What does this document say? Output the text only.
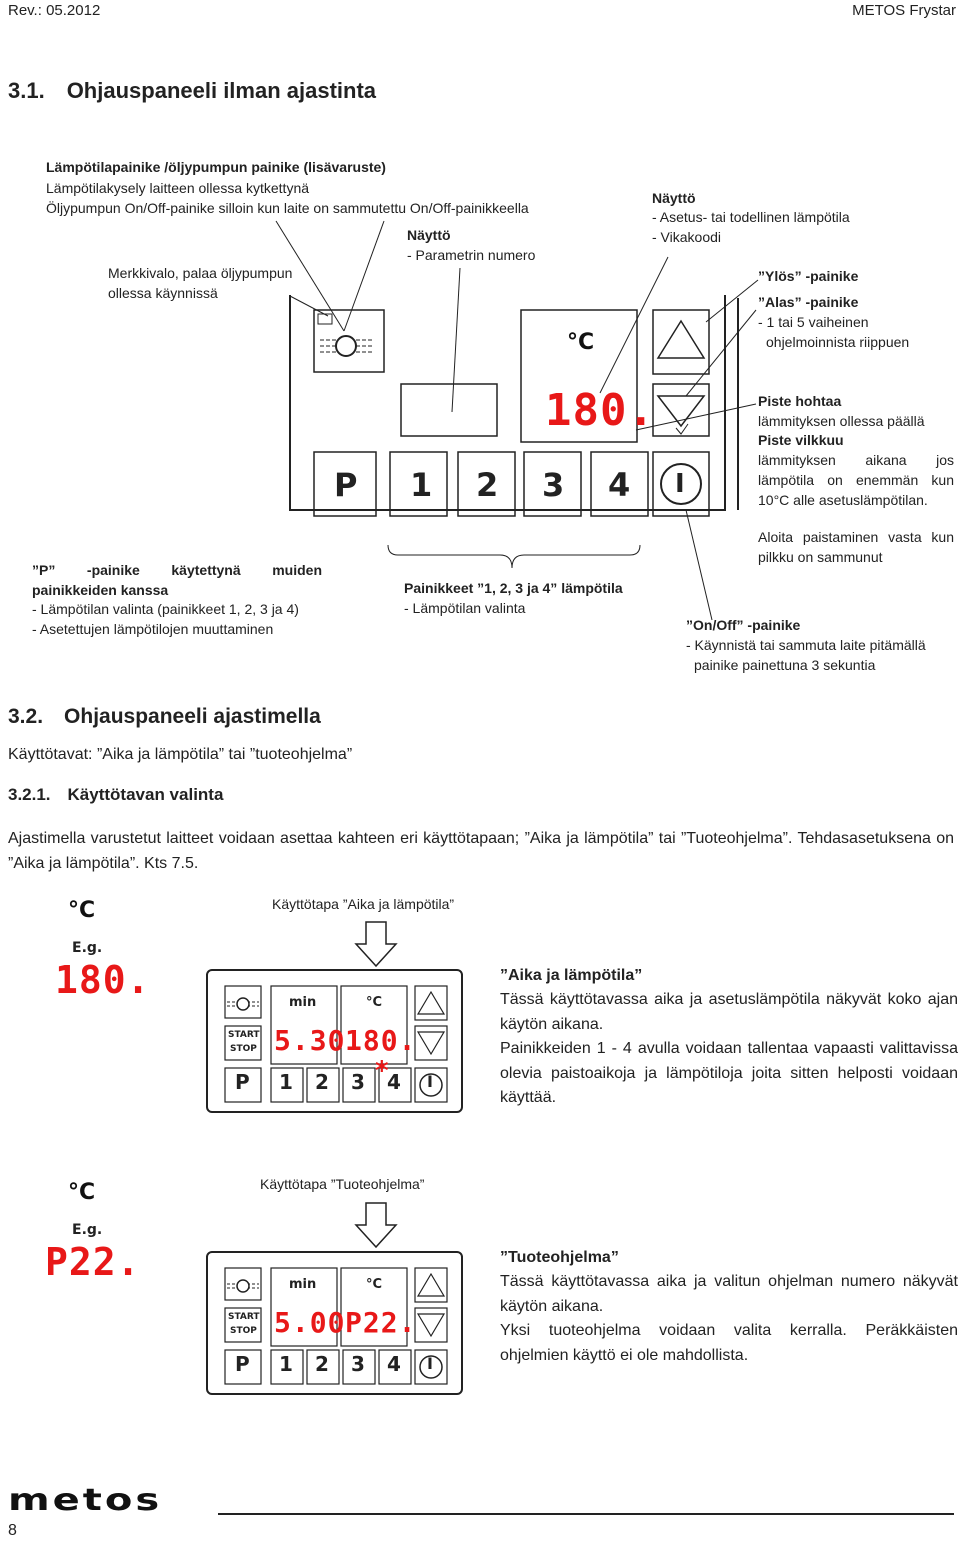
Rev.: 05.2012	METOS Frystar
3.1. Ohjauspaneeli ilman ajastinta
Lämpötilapainike /öljypumpun painike (lisävaruste)
Lämpötilakysely laitteen ollessa kytkettynä
Öljypumpun On/Off-painike silloin kun laite on sammutettu On/Off-painikkeella
Merkkivalo, palaa öljypumpun
ollessa käynnissä
Näyttö
- Parametrin numero
Näyttö
- Asetus- tai todellinen lämpötila
- Vikakoodi
”Ylös” -painike
”Alas” -painike
- 1 tai 5 vaiheinen
ohjelmoinnista riippuen
Piste hohtaa
lämmityksen ollessa päällä
Piste vilkkuu
lämmityksen aikana jos lämpötila on enemmän kun 10°C alle asetuslämpötilan.
Aloita paistaminen vasta kun pilkku on sammunut
”On/Off” -painike
- Käynnistä tai sammuta laite pitämällä
painike painettuna 3 sekuntia
”P” -painike käytettynä muiden painikkeiden kanssa
- Lämpötilan valinta (painikkeet 1, 2, 3 ja 4)
- Asetettujen lämpötilojen muuttaminen
Painikkeet ”1, 2, 3 ja 4” lämpötila
- Lämpötilan valinta
°C
180.
P 1 2 3 4 I
3.2. Ohjauspaneeli ajastimella
Käyttötavat: ”Aika ja lämpötila” tai ”tuoteohjelma”
3.2.1. Käyttötavan valinta
Ajastimella varustetut laitteet voidaan asettaa kahteen eri käyttötapaan; ”Aika ja lämpötila” tai ”Tuoteohjelma”. Tehdasasetuksena on ”Aika ja lämpötila”. Kts 7.5.
°C
E.g.
180.
Käyttötapa ”Aika ja lämpötila”
min	°C
START
STOP 5.30 180.
*
P 1 2 3 4 I
”Aika ja lämpötila”
Tässä käyttötavassa aika ja asetuslämpötila näkyvät koko ajan käytön aikana.
Painikkeiden 1 - 4 avulla voidaan tallentaa vapaasti valittavissa olevia paistoaikoja ja lämpötiloja joita sitten helposti voidaan käyttää.
°C
E.g.
P22.
Käyttötapa ”Tuoteohjelma”
min	°C
START
STOP 5.00 P22.
P 1 2 3 4 I
”Tuoteohjelma”
Tässä käyttötavassa aika ja valitun ohjelman numero näkyvät käytön aikana.
Yksi tuoteohjelma voidaan valita kerralla. Peräkkäisten ohjelmien käyttö ei ole mahdollista.
metos
8
